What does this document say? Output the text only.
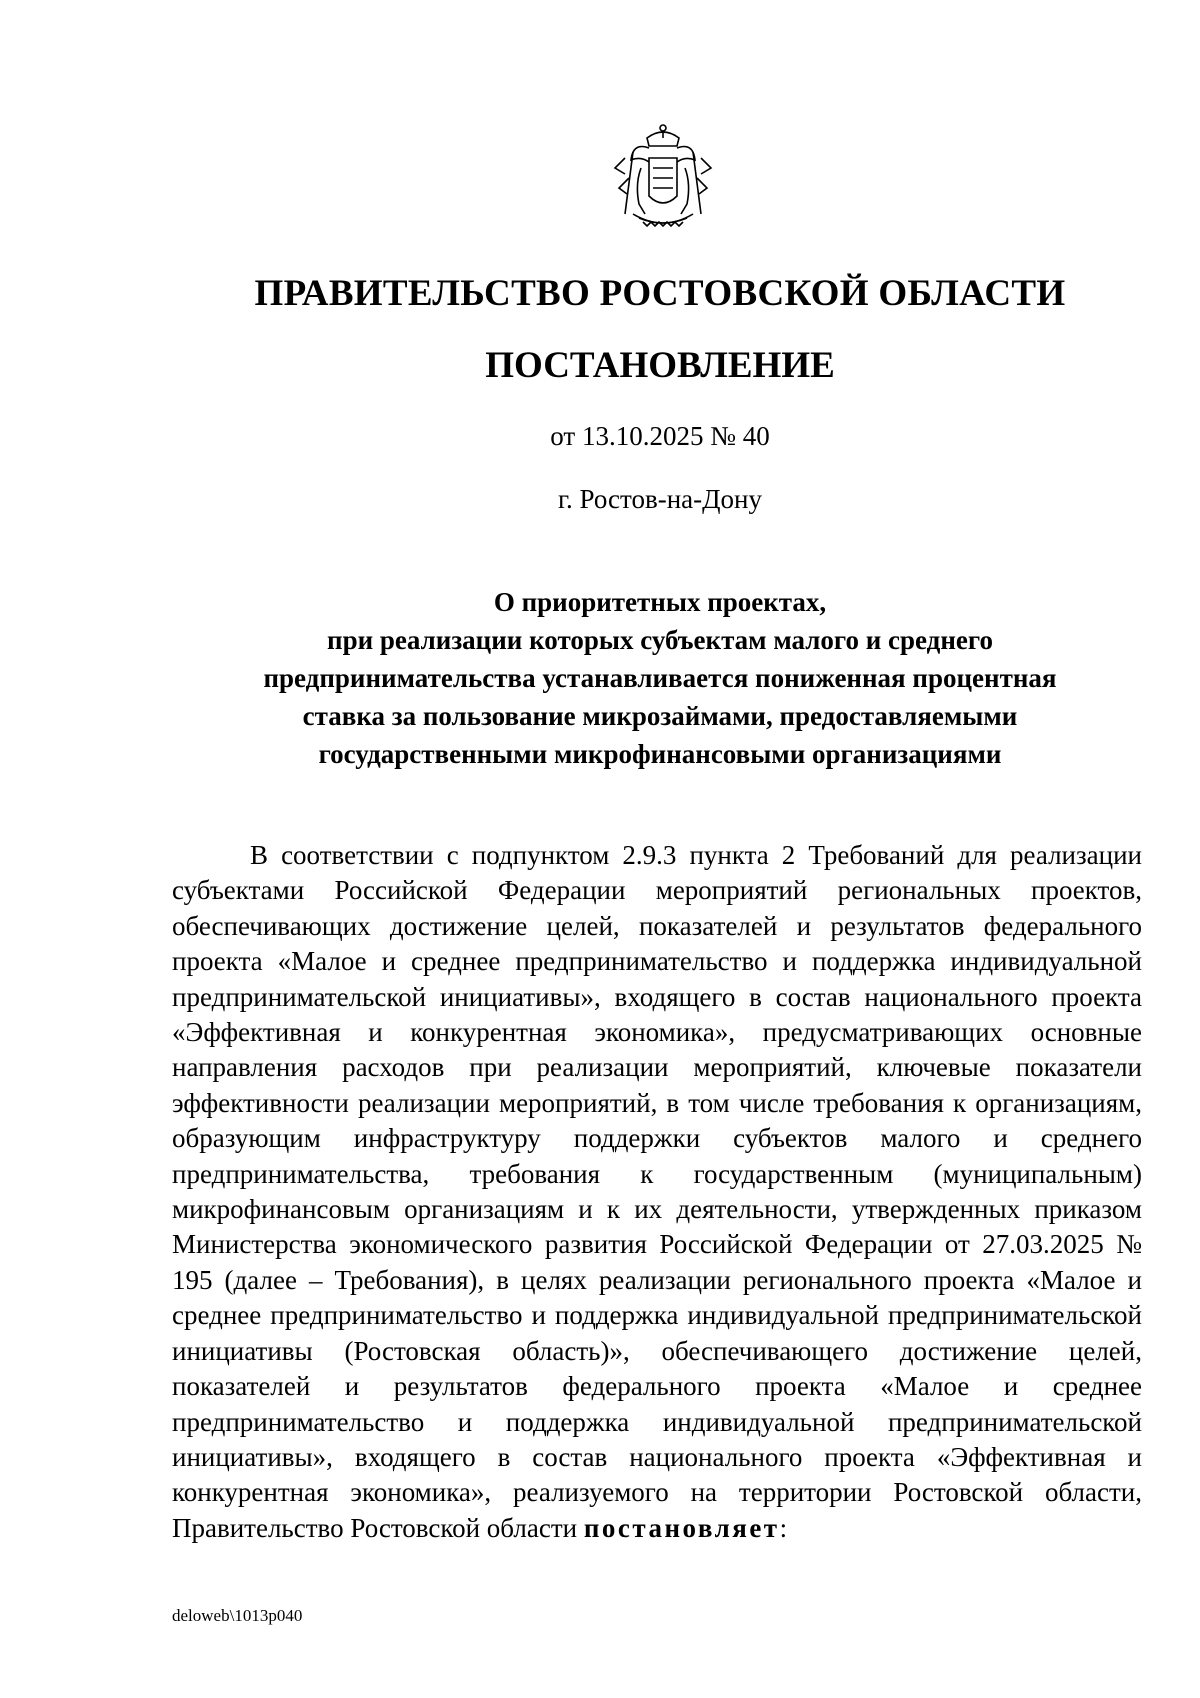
ПРАВИТЕЛЬСТВО РОСТОВСКОЙ ОБЛАСТИ
ПОСТАНОВЛЕНИЕ
от 13.10.2025 № 40
г. Ростов-на-Дону
О приоритетных проектах,
при реализации которых субъектам малого и среднего
предпринимательства устанавливается пониженная процентная
ставка за пользование микрозаймами, предоставляемыми
государственными микрофинансовыми организациями
В соответствии с подпунктом 2.9.3 пункта 2 Требований для реализации субъектами Российской Федерации мероприятий региональных проектов, обеспечивающих достижение целей, показателей и результатов федерального проекта «Малое и среднее предпринимательство и поддержка индивидуальной предпринимательской инициативы», входящего в состав национального проекта «Эффективная и конкурентная экономика», предусматривающих основные направления расходов при реализации мероприятий, ключевые показатели эффективности реализации мероприятий, в том числе требования к организациям, образующим инфраструктуру поддержки субъектов малого и среднего предпринимательства, требования к государственным (муниципальным) микрофинансовым организациям и к их деятельности, утвержденных приказом Министерства экономического развития Российской Федерации от 27.03.2025 № 195 (далее – Требования), в целях реализации регионального проекта «Малое и среднее предпринимательство и поддержка индивидуальной предпринимательской инициативы (Ростовская область)», обеспечивающего достижение целей, показателей и результатов федерального проекта «Малое и среднее предпринимательство и поддержка индивидуальной предпринимательской инициативы», входящего в состав национального проекта «Эффективная и конкурентная экономика», реализуемого на территории Ростовской области, Правительство Ростовской области постановляет:
deloweb\1013p040
